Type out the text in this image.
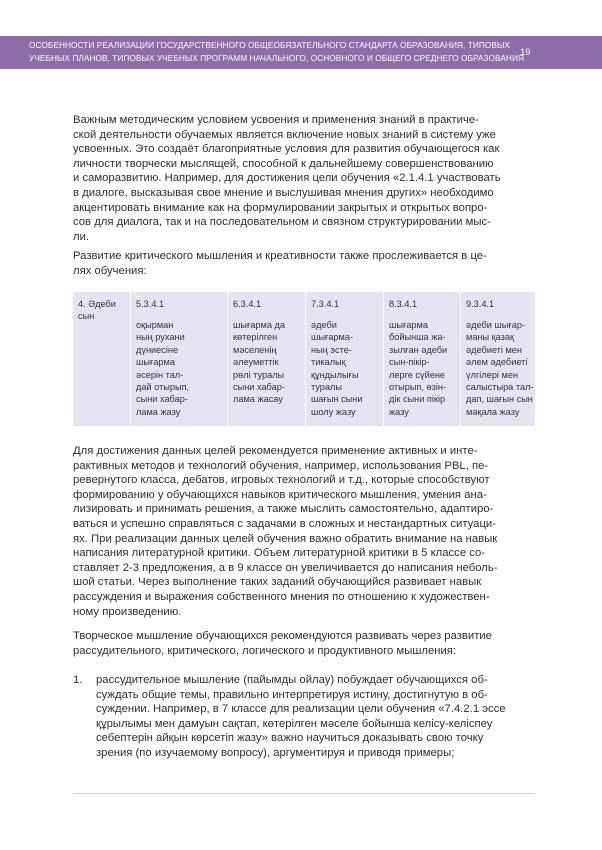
ОСОБЕННОСТИ РЕАЛИЗАЦИИ ГОСУДАРСТВЕННОГО ОБЩЕОБЯЗАТЕЛЬНОГО СТАНДАРТА ОБРАЗОВАНИЯ, ТИПОВЫХ
УЧЕБНЫХ ПЛАНОВ, ТИПОВЫХ УЧЕБНЫХ ПРОГРАММ НАЧАЛЬНОГО, ОСНОВНОГО И ОБЩЕГО СРЕДНЕГО ОБРАЗОВАНИЯ
19
Важным методическим условием усвоения и применения знаний в практиче-
ской деятельности обучаемых является включение новых знаний в систему уже
усвоенных. Это создаёт благоприятные условия для развития обучающегося как
личности творчески мыслящей, способной к дальнейшему совершенствованию
и саморазвитию. Например, для достижения цели обучения «2.1.4.1 участвовать
в диалоге, высказывая свое мнение и выслушивая мнения других» необходимо
акцентировать внимание как на формулировании закрытых и открытых вопро-
сов для диалога, так и на последовательном и связном структурировании мыс-
ли.
Развитие критического мышления и креативности также прослеживается в це-
лях обучения:
4. Әдеби
сын
5.3.4.1
оқырман
ның рухани
дүниесіне
шығарма
әсерін тал-
дай отырып,
сыни хабар-
лама жазу
6.3.4.1
шығарма да
көтерілген
мәселенің
әлеуметтік
рөлі туралы
сыни хабар-
лама жасау
7.3.4.1
әдеби
шығарма-
ның эсте-
тикалық
құндылығы
туралы
шағын сыни
шолу жазу
8.3.4.1
шығарма
бойынша жа-
зылған әдеби
сын-пікір-
лерге сүйене
отырып, өзін-
дік сыни пікір
жазу
9.3.4.1
әдеби шығар-
маны қазақ
әдебиеті мен
әлем әдебиеті
үлгілері мен
салыстыра тал-
дап, шағын сын
мақала жазу
Для достижения данных целей рекомендуется применение активных и инте-
рактивных методов и технологий обучения, например, использования PBL, пе-
ревернутого класса, дебатов, игровых технологий и т.д., которые способствуют
формированию у обучающихся навыков критического мышления, умения ана-
лизировать и принимать решения, а также мыслить самостоятельно, адаптиро-
ваться и успешно справляться с задачами в сложных и нестандартных ситуаци-
ях. При реализации данных целей обучения важно обратить внимание на навык
написания литературной критики. Объем литературной критики в 5 классе со-
ставляет 2-3 предложения, а в 9 классе он увеличивается до написания неболь-
шой статьи. Через выполнение таких заданий обучающийся развивает навык
рассуждения и выражения собственного мнения по отношению к художествен-
ному произведению.
Творческое мышление обучающихся рекомендуются развивать через развитие
рассудительного, критического, логического и продуктивного мышления:
1. рассудительное мышление (пайымды ойлау) побуждает обучающихся об-
суждать общие темы, правильно интерпретируя истину, достигнутую в об-
суждении. Например, в 7 классе для реализации цели обучения «7.4.2.1 эссе
құрылымы мен дамуын сақтап, көтерілген мәселе бойынша келісу-келіспеу
себептерін айқын көрсетіп жазу» важно научиться доказывать свою точку
зрения (по изучаемому вопросу), аргументируя и приводя примеры;
